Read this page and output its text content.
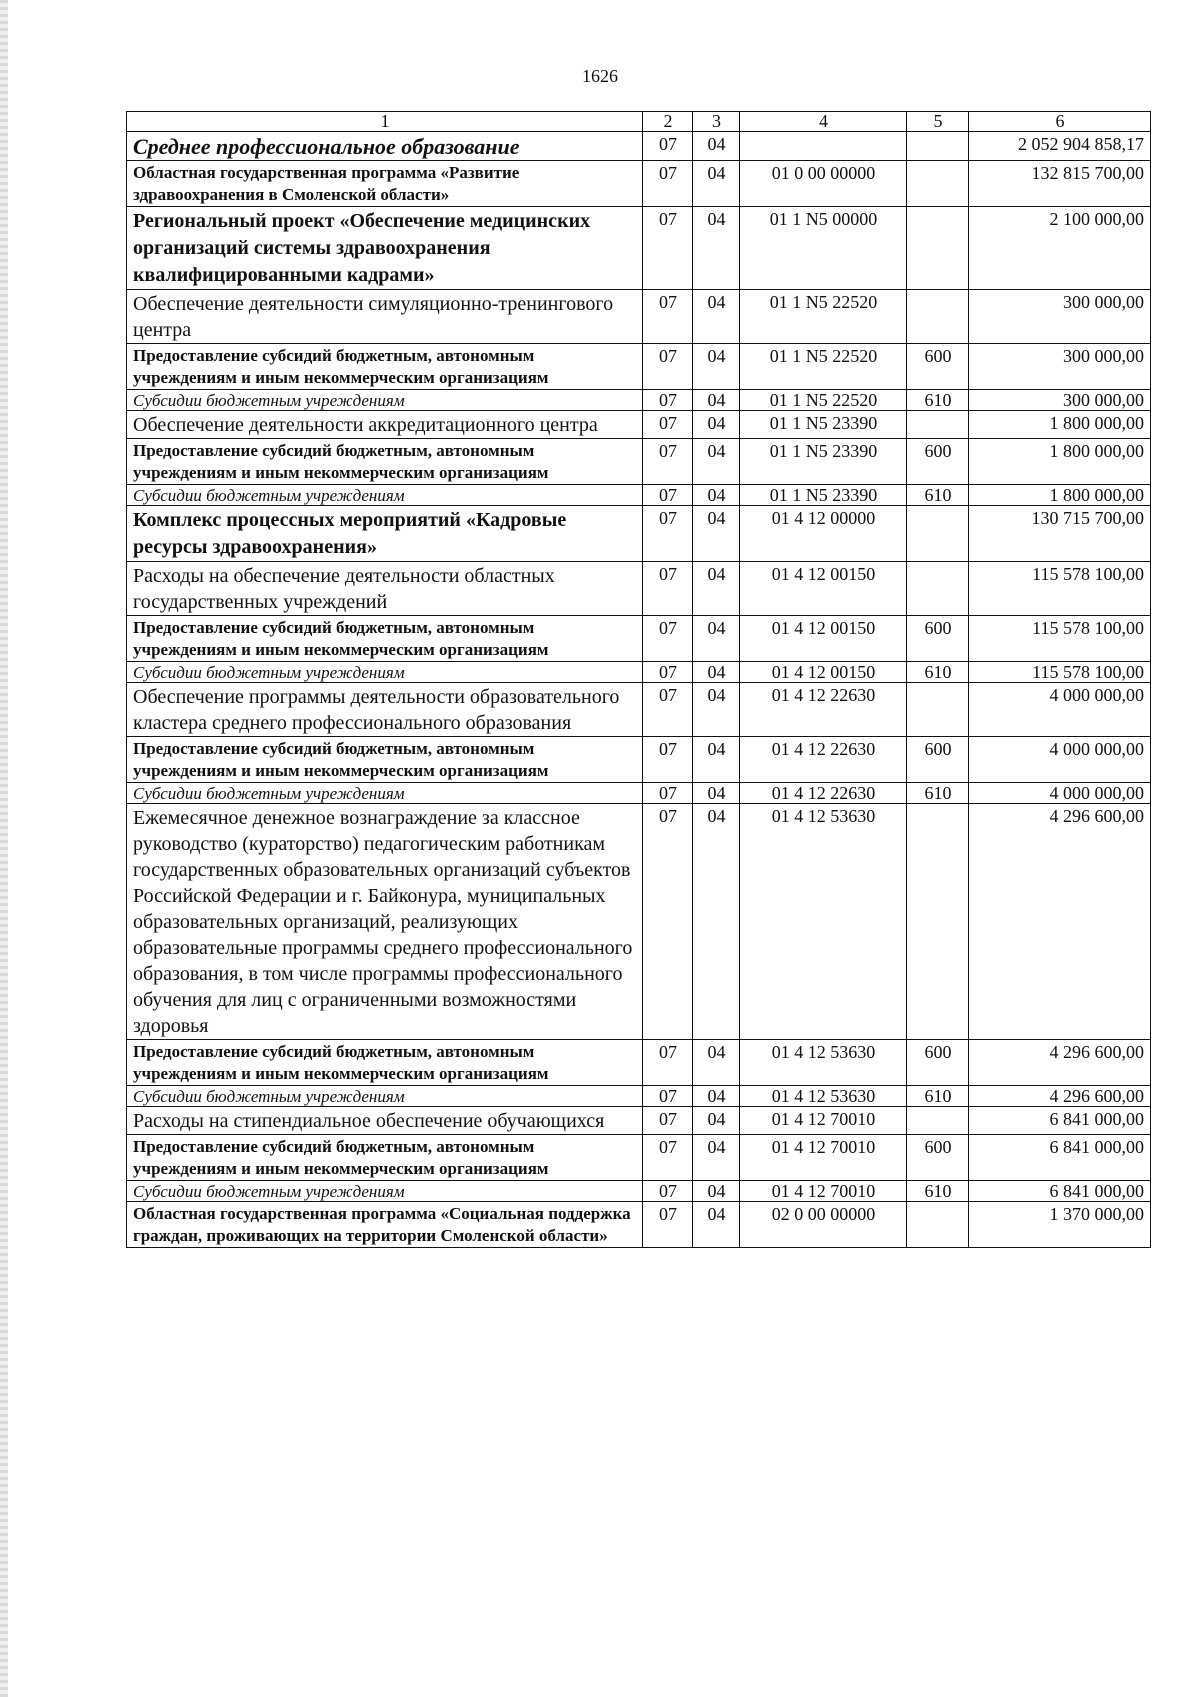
1626
1	2	3	4	5	6
Среднее профессиональное образование	07	04			2 052 904 858,17
Областная государственная программа «Развитие здравоохранения в Смоленской области»	07	04	01 0 00 00000		132 815 700,00
Региональный проект «Обеспечение медицинских организаций системы здравоохранения квалифицированными кадрами»	07	04	01 1 N5 00000		2 100 000,00
Обеспечение деятельности симуляционно-тренингового центра	07	04	01 1 N5 22520		300 000,00
Предоставление субсидий бюджетным, автономным учреждениям и иным некоммерческим организациям	07	04	01 1 N5 22520	600	300 000,00
Субсидии бюджетным учреждениям	07	04	01 1 N5 22520	610	300 000,00
Обеспечение деятельности аккредитационного центра	07	04	01 1 N5 23390		1 800 000,00
Предоставление субсидий бюджетным, автономным учреждениям и иным некоммерческим организациям	07	04	01 1 N5 23390	600	1 800 000,00
Субсидии бюджетным учреждениям	07	04	01 1 N5 23390	610	1 800 000,00
Комплекс процессных мероприятий «Кадровые ресурсы здравоохранения»	07	04	01 4 12 00000		130 715 700,00
Расходы на обеспечение деятельности областных государственных учреждений	07	04	01 4 12 00150		115 578 100,00
Предоставление субсидий бюджетным, автономным учреждениям и иным некоммерческим организациям	07	04	01 4 12 00150	600	115 578 100,00
Субсидии бюджетным учреждениям	07	04	01 4 12 00150	610	115 578 100,00
Обеспечение программы деятельности образовательного кластера среднего профессионального образования	07	04	01 4 12 22630		4 000 000,00
Предоставление субсидий бюджетным, автономным учреждениям и иным некоммерческим организациям	07	04	01 4 12 22630	600	4 000 000,00
Субсидии бюджетным учреждениям	07	04	01 4 12 22630	610	4 000 000,00
Ежемесячное денежное вознаграждение за классное руководство (кураторство) педагогическим работникам государственных образовательных организаций субъектов Российской Федерации и г. Байконура, муниципальных образовательных организаций, реализующих образовательные программы среднего профессионального образования, в том числе программы профессионального обучения для лиц с ограниченными возможностями здоровья	07	04	01 4 12 53630		4 296 600,00
Предоставление субсидий бюджетным, автономным учреждениям и иным некоммерческим организациям	07	04	01 4 12 53630	600	4 296 600,00
Субсидии бюджетным учреждениям	07	04	01 4 12 53630	610	4 296 600,00
Расходы на стипендиальное обеспечение обучающихся	07	04	01 4 12 70010		6 841 000,00
Предоставление субсидий бюджетным, автономным учреждениям и иным некоммерческим организациям	07	04	01 4 12 70010	600	6 841 000,00
Субсидии бюджетным учреждениям	07	04	01 4 12 70010	610	6 841 000,00
Областная государственная программа «Социальная поддержка граждан, проживающих на территории Смоленской области»	07	04	02 0 00 00000		1 370 000,00
